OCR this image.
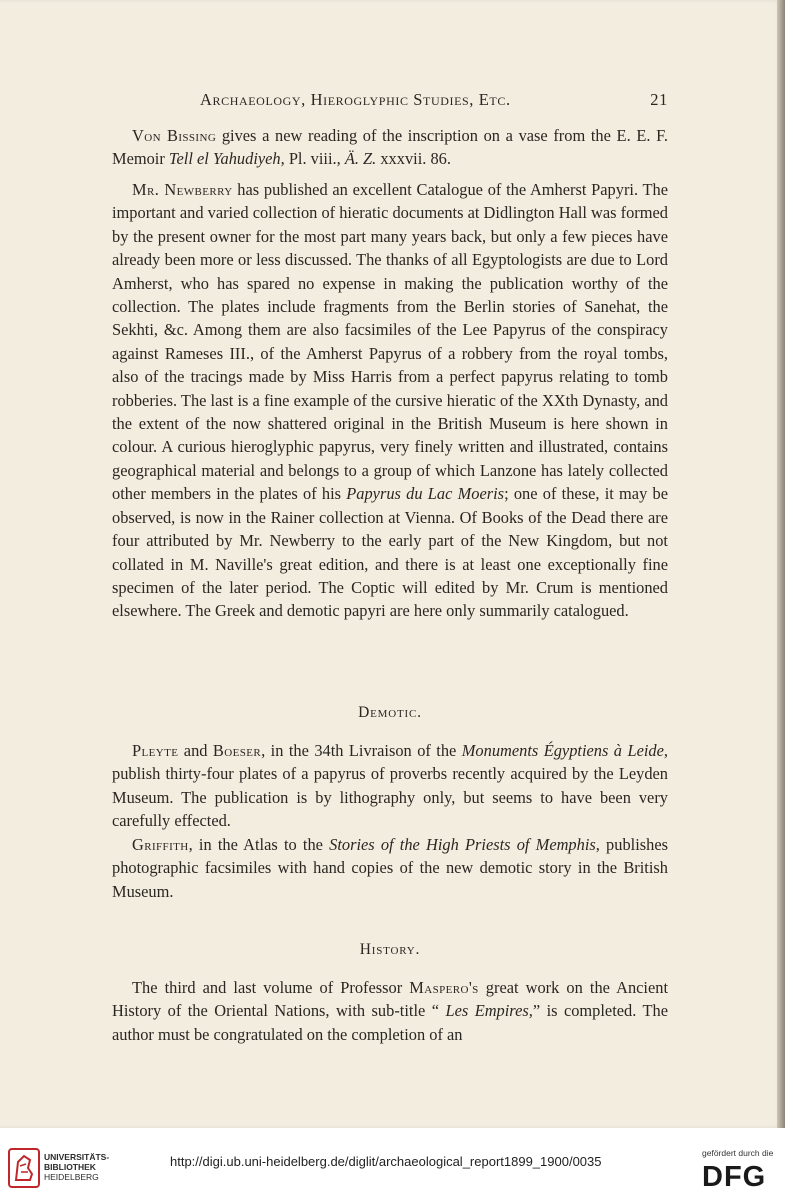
Archaeology, Hieroglyphic Studies, Etc.	21

Von Bissing gives a new reading of the inscription on a vase from the E. E. F. Memoir Tell el Yahudiyeh, Pl. viii., Ä. Z. xxxvii. 86.

Mr. Newberry has published an excellent Catalogue of the Amherst Papyri. The important and varied collection of hieratic documents at Didlington Hall was formed by the present owner for the most part many years back, but only a few pieces have already been more or less discussed. The thanks of all Egyptologists are due to Lord Amherst, who has spared no expense in making the publication worthy of the collection. The plates include fragments from the Berlin stories of Sanehat, the Sekhti, &c. Among them are also facsimiles of the Lee Papyrus of the conspiracy against Rameses III., of the Amherst Papyrus of a robbery from the royal tombs, also of the tracings made by Miss Harris from a perfect papyrus relating to tomb robberies. The last is a fine example of the cursive hieratic of the XXth Dynasty, and the extent of the now shattered original in the British Museum is here shown in colour. A curious hieroglyphic papyrus, very finely written and illustrated, contains geographical material and belongs to a group of which Lanzone has lately collected other members in the plates of his Papyrus du Lac Moeris; one of these, it may be observed, is now in the Rainer collection at Vienna. Of Books of the Dead there are four attributed by Mr. Newberry to the early part of the New Kingdom, but not collated in M. Naville's great edition, and there is at least one exceptionally fine specimen of the later period. The Coptic will edited by Mr. Crum is mentioned elsewhere. The Greek and demotic papyri are here only summarily catalogued.

Demotic.

Pleyte and Boeser, in the 34th Livraison of the Monuments Égyptiens à Leide, publish thirty-four plates of a papyrus of proverbs recently acquired by the Leyden Museum. The publication is by lithography only, but seems to have been very carefully effected.

Griffith, in the Atlas to the Stories of the High Priests of Memphis, publishes photographic facsimiles with hand copies of the new demotic story in the British Museum.

History.

The third and last volume of Professor Maspero's great work on the Ancient History of the Oriental Nations, with sub-title “ Les Empires,” is completed. The author must be congratulated on the completion of an

UNIVERSITÄTS-
BIBLIOTHEK
HEIDELBERG
http://digi.ub.uni-heidelberg.de/diglit/archaeological_report1899_1900/0035
gefördert durch die
DFG
